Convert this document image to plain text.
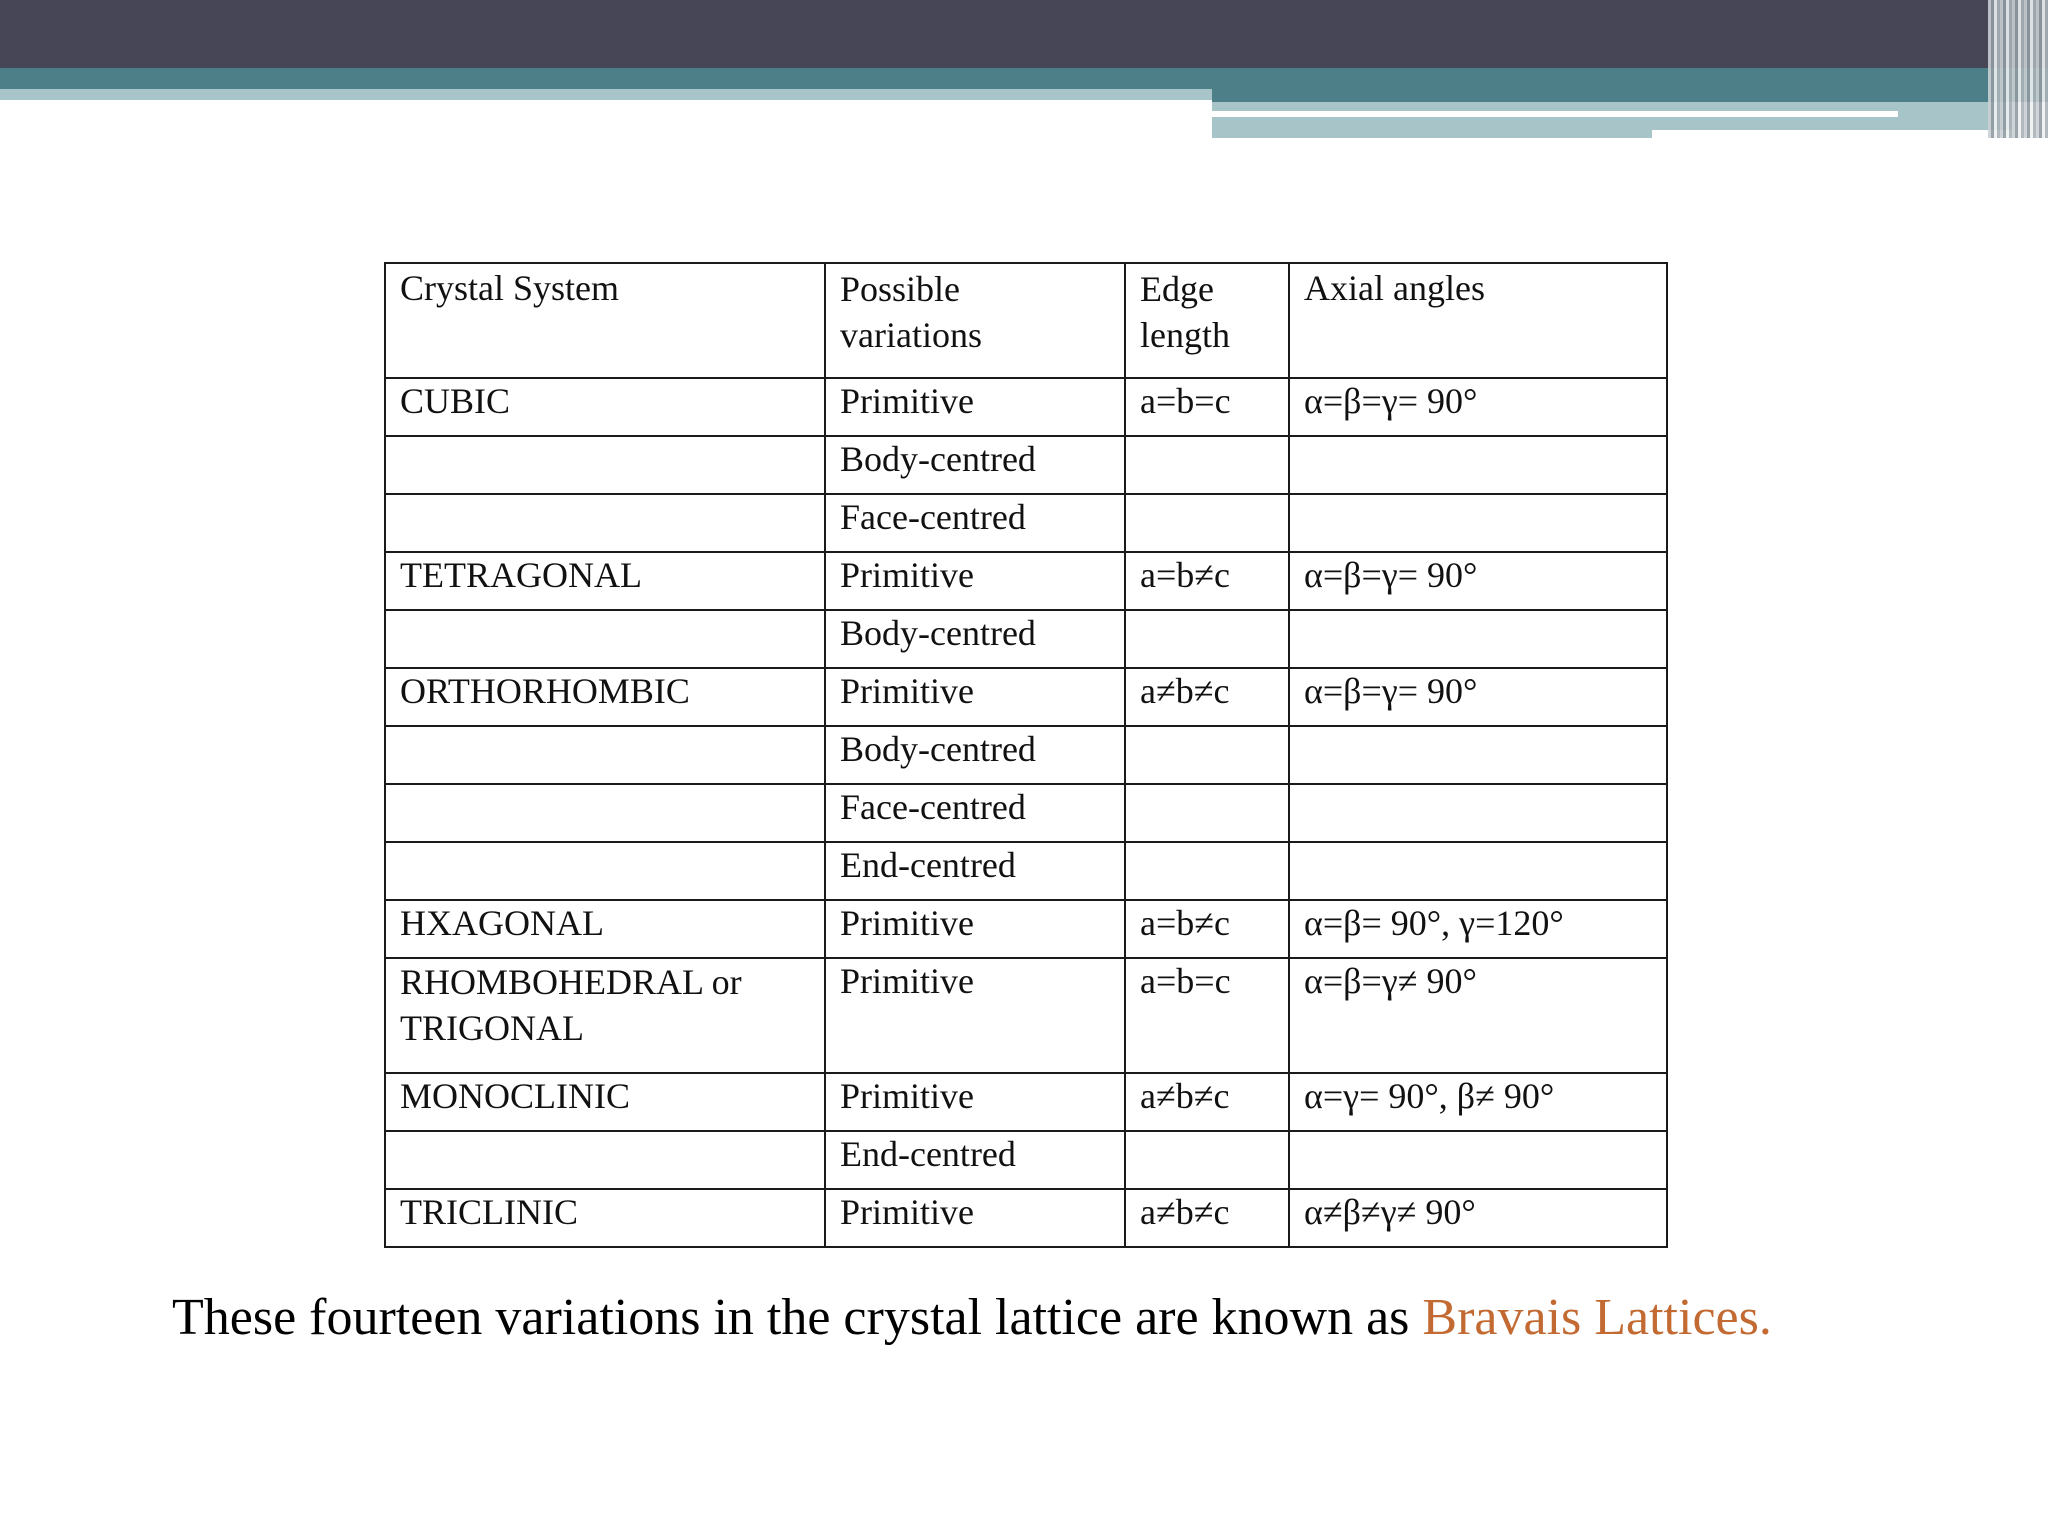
Crystal System	Possible variations	Edge length	Axial angles
CUBIC	Primitive	a=b=c	α=β=γ= 90°
	Body-centred		
	Face-centred		
TETRAGONAL	Primitive	a=b≠c	α=β=γ= 90°
	Body-centred		
ORTHORHOMBIC	Primitive	a≠b≠c	α=β=γ= 90°
	Body-centred		
	Face-centred		
	End-centred		
HXAGONAL	Primitive	a=b≠c	α=β= 90°, γ=120°
RHOMBOHEDRAL or TRIGONAL	Primitive	a=b=c	α=β=γ≠ 90°
MONOCLINIC	Primitive	a≠b≠c	α=γ= 90°, β≠ 90°
	End-centred		
TRICLINIC	Primitive	a≠b≠c	α≠β≠γ≠ 90°
These fourteen variations in the crystal lattice are known as Bravais Lattices.
